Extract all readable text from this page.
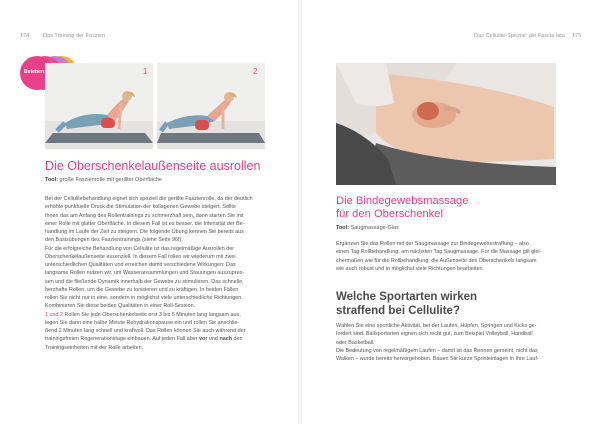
174 Das Training der Faszien	Das Cellulite-Spezial: die Fascia lata 175
Beleben	1	2
Die Oberschenkelaußenseite ausrollen
Tool: große Faszienrolle mit gerillter Oberfläche

Bei der Cellulitebehandlung eignet sich speziell die gerillte Faszienrolle, da der deutlich

erhöhte punktuelle Druck die Stimulation der kollagenen Gewebe steigert. Sollte

Ihnen das am Anfang des Rollentrainings zu schmerzhaft sein, dann starten Sie mit

einer Rolle mit glatter Oberfläche. In diesem Fall ist es besser, die Intensität der Be-

handlung im Laufe der Zeit zu steigern. Die folgende Übung kennen Sie bereits aus

den Basisübungen des Faszientrainings (siehe Seite 96f).

Für die erfolgreiche Behandlung von Cellulite ist das regelmäßige Ausrollen der

Oberschenkelaußenseite essenziell. In diesem Fall rollen wir wiederum mit zwei

unterschiedlichen Qualitäten und erreichen damit verschiedene Wirkungen: Das

langsame Rollen nutzen wir, um Wasseransammlungen und Stauungen auszupres-

sen und die fließende Dynamik innerhalb der Gewebe zu stimulieren. Das schnelle,

herzhafte Rollen, um die Gewebe zu tonisieren und zu kräftigen. In beiden Fällen

rollen Sie nicht nur in eine, sondern in möglichst viele unterschiedliche Richtungen.

Kombinieren Sie diese beiden Qualitäten in einer Roll-Session.

1 und 2 Rollen Sie jede Oberschenkelseite erst 3 bis 5 Minuten lang langsam aus,

legen Sie dann eine halbe Minute Rehydrationspause ein und rollen Sie anschlie-

ßend 2 Minuten lang schnell und kraftvoll. Das Rollen können Sie auch während der

trainingsfreien Regenerationstage einbauen. Auf jeden Fall aber vor und nach den

Trainingseinheiten mit der Rolle arbeiten.

Die Bindegewebsmassage
für den Oberschenkel
Tool: Saugmassage-Glas

Ergänzen Sie das Rollen mit der Saugmassage zur Bindegewebsstraffung – also

einen Tag Rollbehandlung, am nächsten Tag Saugmassage. Für die Massage gilt glei-

chermaßen wie für die Rollbehandlung: die Außenseite des Oberschenkels langsam

wie auch robust und in möglichst viele Richtungen bearbeiten.

Welche Sportarten wirken
straffend bei Cellulite?

Wählen Sie eine sportliche Aktivität, bei der Laufen, Hüpfen, Springen und Kicks ge-

fordert sind. Ballsportarten eignen sich recht gut, zum Beispiel Volleyball, Handball

oder Basketball.

Die Bedeutung von regelmäßigem Laufen – damit ist das Rennen gemeint, nicht das

Walken – wurde bereits hervorgehoben. Bauen Sie kurze Sprinteinlagen in Ihre Lauf-
